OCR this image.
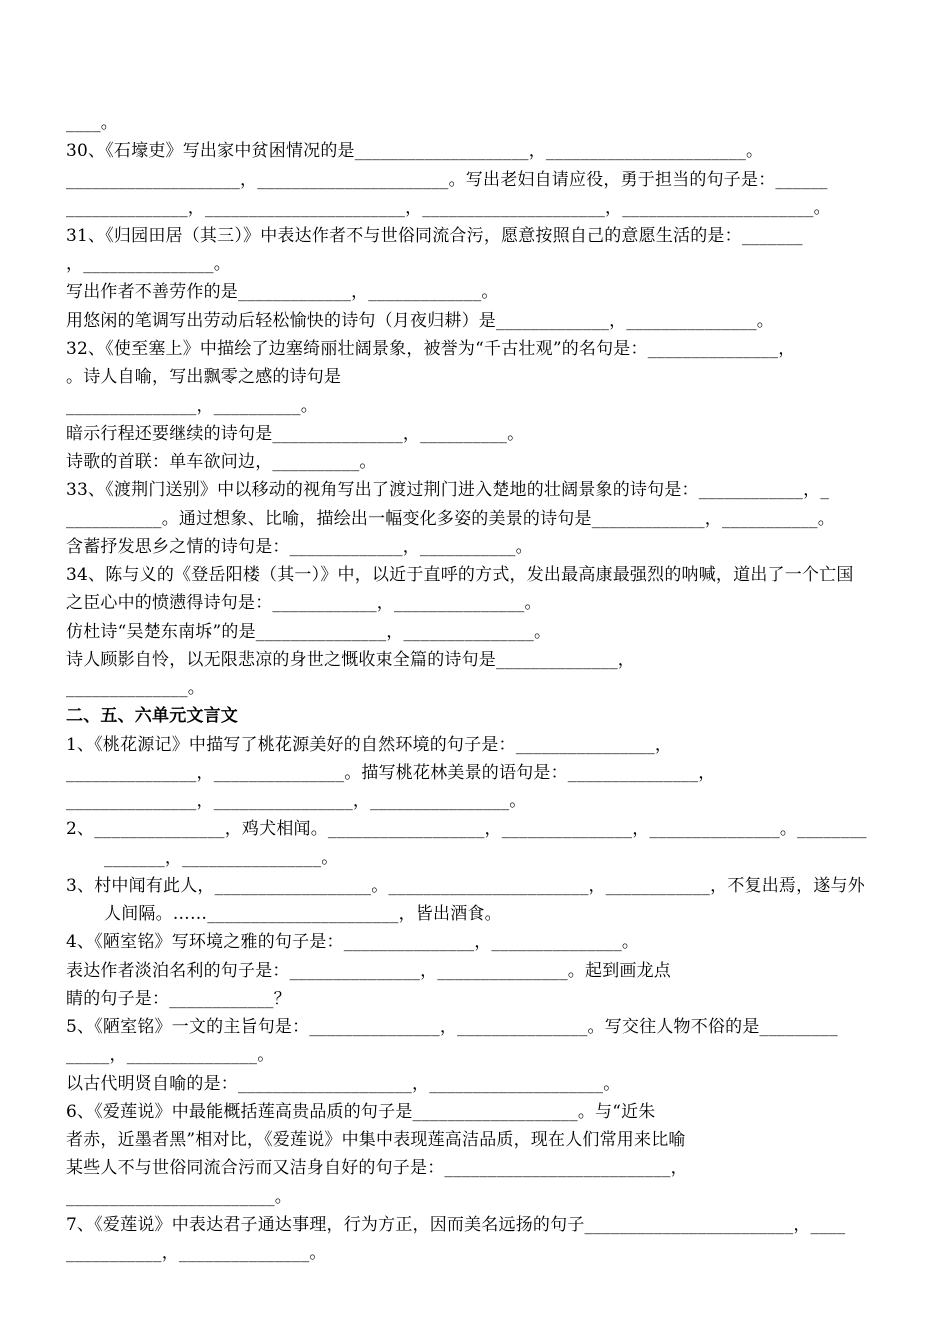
____。
30、《石壕吏》写出家中贫困情况的是____________________，_______________________。
____________________，______________________。写出老妇自请应役，勇于担当的句子是：______
______________，_______________________，_____________________，______________________。
31、《归园田居（其三）》中表达作者不与世俗同流合污，愿意按照自己的意愿生活的是：_______
，_______________。
写出作者不善劳作的是_____________，_____________。
用悠闲的笔调写出劳动后轻松愉快的诗句（月夜归耕）是_____________，_______________。
32、《使至塞上》中描绘了边塞绮丽壮阔景象，被誉为“千古壮观”的名句是：_______________，
。诗人自喻，写出飘零之感的诗句是
_______________，__________。
暗示行程还要继续的诗句是_______________，__________。
诗歌的首联：单车欲问边，__________。
33、《渡荆门送别》中以移动的视角写出了渡过荆门进入楚地的壮阔景象的诗句是：____________，_
___________。通过想象、比喻，描绘出一幅变化多姿的美景的诗句是_____________，___________。
含蓄抒发思乡之情的诗句是：_____________，___________。
34、陈与义的《登岳阳楼（其一）》中，以近于直呼的方式，发出最高康最强烈的呐喊，道出了一个亡国
之臣心中的愤懑得诗句是：____________，_______________。
仿杜诗“吴楚东南坼”的是_______________，_______________。
诗人顾影自怜，以无限悲凉的身世之慨收束全篇的诗句是______________，
______________。
二、五、六单元文言文
1、《桃花源记》中描写了桃花源美好的自然环境的句子是：________________，
_______________，_______________。描写桃花林美景的语句是：_______________，
_______________，________________，________________。
2、_______________，鸡犬相闻。__________________，_______________，_______________。________
_______，________________。
3、村中闻有此人，__________________。_______________________，____________，不复出焉，遂与外
人间隔。……______________________，皆出酒食。
4、《陋室铭》写环境之雅的句子是：_______________，_______________。
表达作者淡泊名利的句子是：_______________，_______________。起到画龙点
睛的句子是：____________？
5、《陋室铭》一文的主旨句是：_______________，_______________。写交往人物不俗的是_________
_____，_______________。
以古代明贤自喻的是：____________________，____________________。
6、《爱莲说》中最能概括莲高贵品质的句子是___________________。与“近朱
者赤，近墨者黑”相对比，《爱莲说》中集中表现莲高洁品质，现在人们常用来比喻
某些人不与世俗同流合污而又洁身自好的句子是：__________________________，
________________________。
7、《爱莲说》中表达君子通达事理，行为方正，因而美名远扬的句子________________________，____
___________，_______________。
